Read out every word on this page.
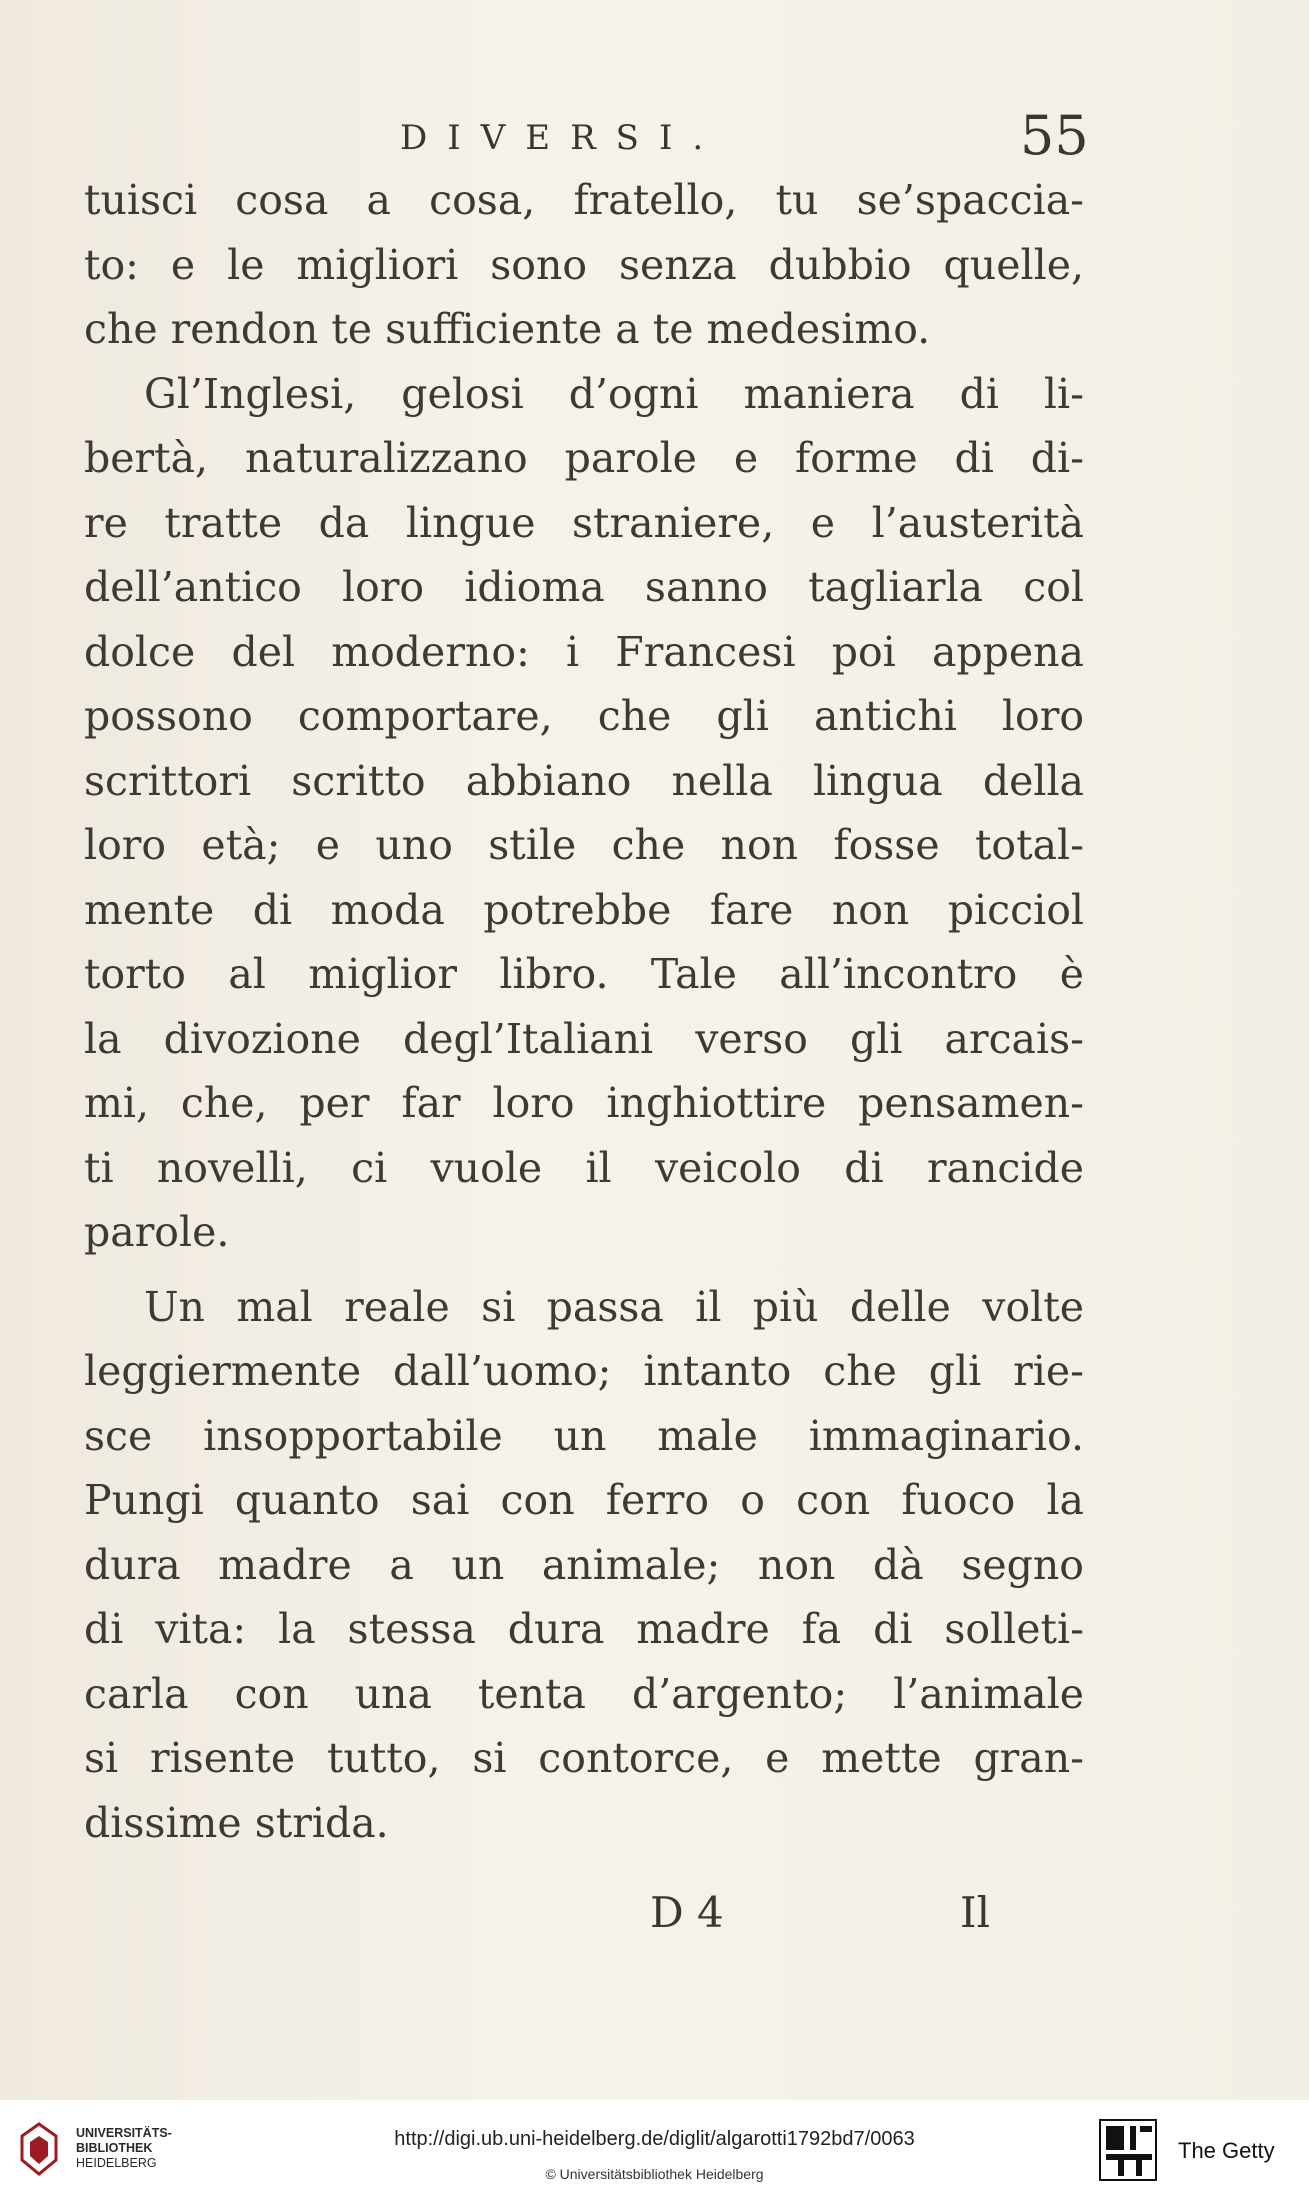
DIVERSI.	55
tuisci cosa a cosa, fratello, tu se’spaccia-
to: e le migliori sono senza dubbio quelle,
che rendon te sufficiente a te medesimo.
Gl’Inglesi, gelosi d’ogni maniera di li-
bertà, naturalizzano parole e forme di di-
re tratte da lingue straniere, e l’austerità
dell’antico loro idioma sanno tagliarla col
dolce del moderno: i Francesi poi appena
possono comportare, che gli antichi loro
scrittori scritto abbiano nella lingua della
loro età; e uno stile che non fosse total-
mente di moda potrebbe fare non picciol
torto al miglior libro. Tale all’incontro è
la divozione degl’Italiani verso gli arcais-
mi, che, per far loro inghiottire pensamen-
ti novelli, ci vuole il veicolo di rancide
parole.
Un mal reale si passa il più delle volte
leggiermente dall’uomo; intanto che gli rie-
sce insopportabile un male immaginario.
Pungi quanto sai con ferro o con fuoco la
dura madre a un animale; non dà segno
di vita: la stessa dura madre fa di solleti-
carla con una tenta d’argento; l’animale
si risente tutto, si contorce, e mette gran-
dissime strida.
D 4	Il
UNIVERSITÄTS-
BIBLIOTHEK
HEIDELBERG
http://digi.ub.uni-heidelberg.de/diglit/algarotti1792bd7/0063
© Universitätsbibliothek Heidelberg
The Getty
